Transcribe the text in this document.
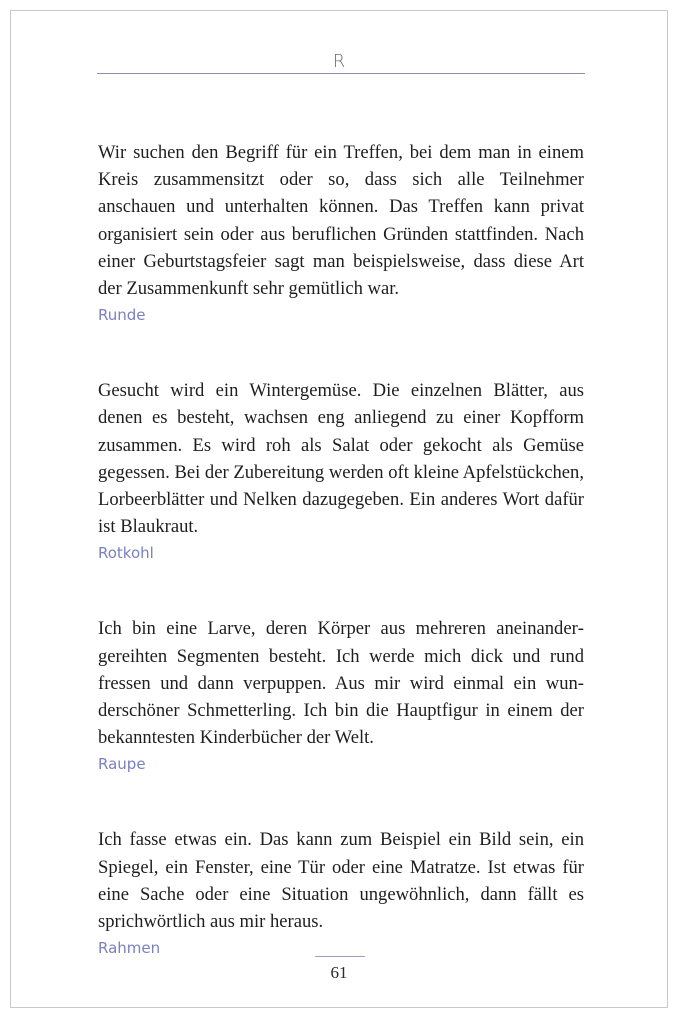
R

Wir suchen den Begriff für ein Treffen, bei dem man in einem Kreis zusammensitzt oder so, dass sich alle Teilnehmer anschauen und unterhalten können. Das Treffen kann privat organisiert sein oder aus beruflichen Gründen stattfinden. Nach einer Geburtstagsfeier sagt man beispielsweise, dass diese Art der Zusammenkunft sehr gemütlich war.

Runde

Gesucht wird ein Wintergemüse. Die einzelnen Blätter, aus denen es besteht, wachsen eng anliegend zu einer Kopfform zusammen. Es wird roh als Salat oder gekocht als Gemüse gegessen. Bei der Zubereitung werden oft kleine Apfelstückchen, Lorbeerblätter und Nelken dazugegeben. Ein anderes Wort dafür ist Blaukraut.

Rotkohl

Ich bin eine Larve, deren Körper aus mehreren aneinandergereihten Segmenten besteht. Ich werde mich dick und rund fressen und dann verpuppen. Aus mir wird einmal ein wunderschöner Schmetterling. Ich bin die Hauptfigur in einem der bekanntesten Kinderbücher der Welt.

Raupe

Ich fasse etwas ein. Das kann zum Beispiel ein Bild sein, ein Spiegel, ein Fenster, eine Tür oder eine Matratze. Ist etwas für eine Sache oder eine Situation ungewöhnlich, dann fällt es sprichwörtlich aus mir heraus.

Rahmen
61
